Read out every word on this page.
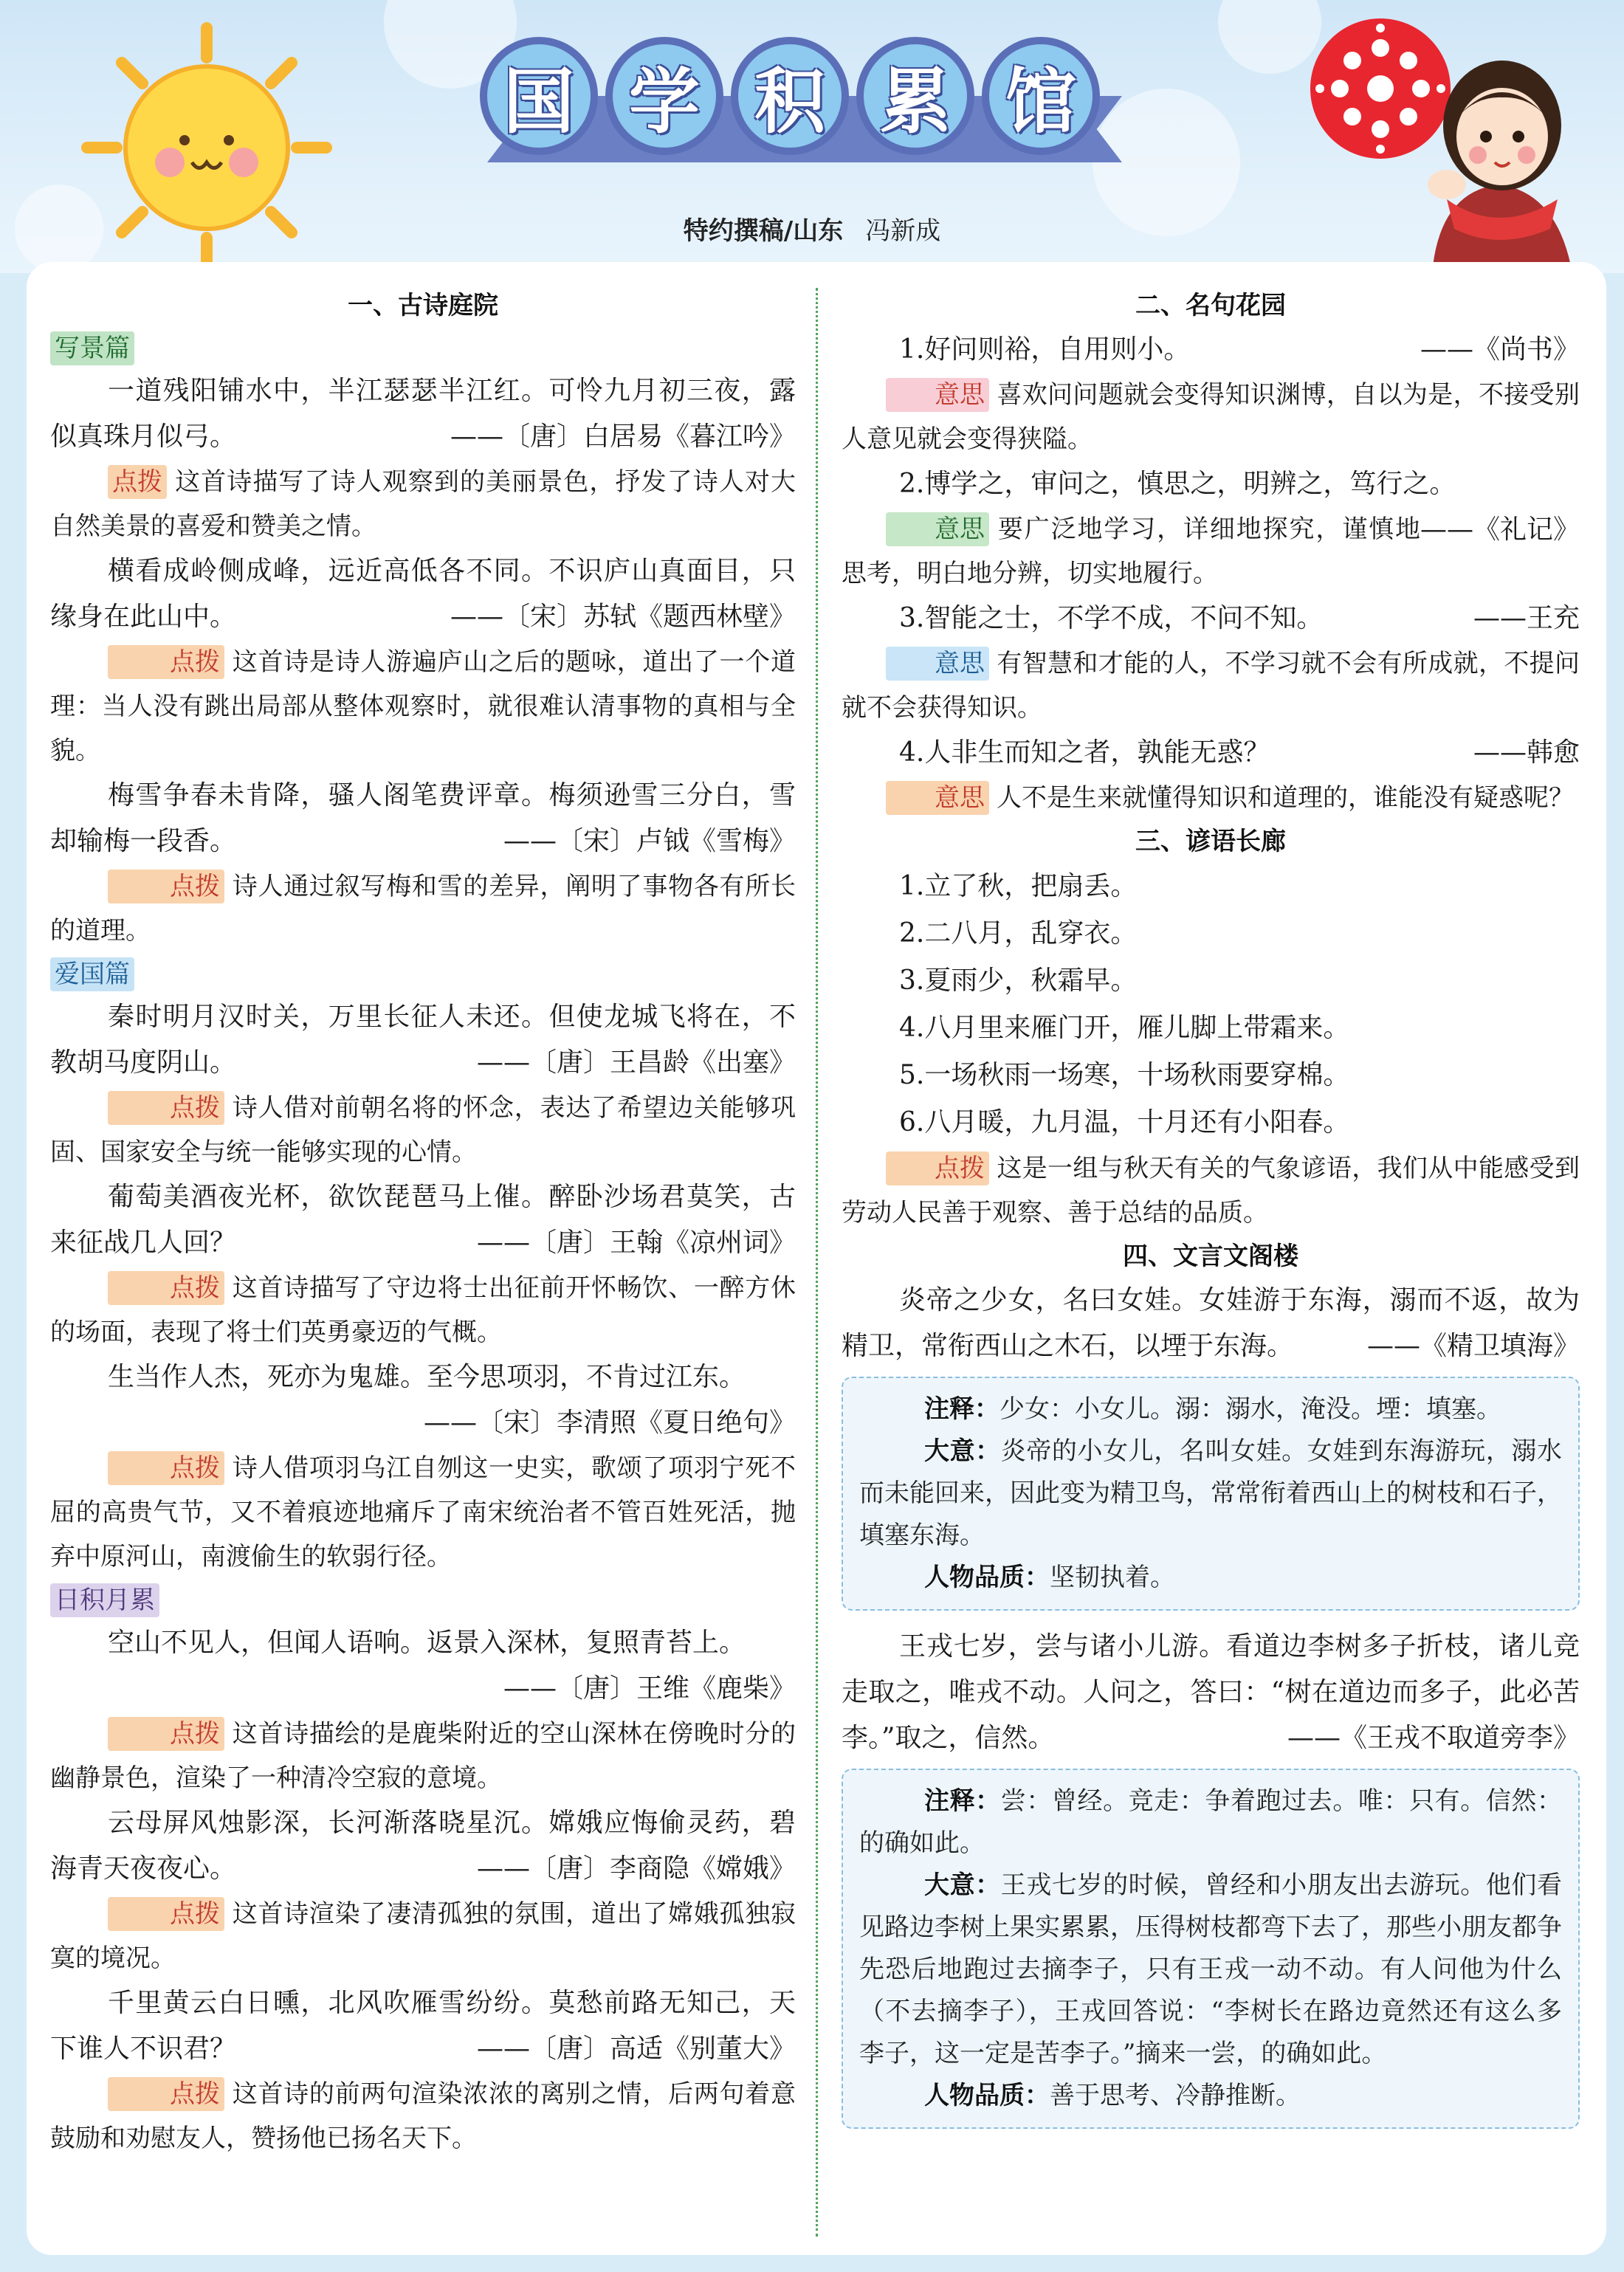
国 学 积 累 馆
特约撰稿/山东 冯新成
一、古诗庭院
写景篇
一道残阳铺水中，半江瑟瑟半江红。可怜九月初三夜，露似真珠月似弓。	——〔唐〕白居易《暮江吟》
点拨 这首诗描写了诗人观察到的美丽景色，抒发了诗人对大自然美景的喜爱和赞美之情。
横看成岭侧成峰，远近高低各不同。不识庐山真面目，只缘身在此山中。	——〔宋〕苏轼《题西林壁》
点拨 这首诗是诗人游遍庐山之后的题咏，道出了一个道理：当人没有跳出局部从整体观察时，就很难认清事物的真相与全貌。
梅雪争春未肯降，骚人阁笔费评章。梅须逊雪三分白，雪却输梅一段香。	——〔宋〕卢钺《雪梅》
点拨 诗人通过叙写梅和雪的差异，阐明了事物各有所长的道理。
爱国篇
秦时明月汉时关，万里长征人未还。但使龙城飞将在，不教胡马度阴山。	——〔唐〕王昌龄《出塞》
点拨 诗人借对前朝名将的怀念，表达了希望边关能够巩固、国家安全与统一能够实现的心情。
葡萄美酒夜光杯，欲饮琵琶马上催。醉卧沙场君莫笑，古来征战几人回？	——〔唐〕王翰《凉州词》
点拨 这首诗描写了守边将士出征前开怀畅饮、一醉方休的场面，表现了将士们英勇豪迈的气概。
生当作人杰，死亦为鬼雄。至今思项羽，不肯过江东。
——〔宋〕李清照《夏日绝句》
点拨 诗人借项羽乌江自刎这一史实，歌颂了项羽宁死不屈的高贵气节，又不着痕迹地痛斥了南宋统治者不管百姓死活，抛弃中原河山，南渡偷生的软弱行径。
日积月累
空山不见人，但闻人语响。返景入深林，复照青苔上。
——〔唐〕王维《鹿柴》
点拨 这首诗描绘的是鹿柴附近的空山深林在傍晚时分的幽静景色，渲染了一种清冷空寂的意境。
云母屏风烛影深，长河渐落晓星沉。嫦娥应悔偷灵药，碧海青天夜夜心。	——〔唐〕李商隐《嫦娥》
点拨 这首诗渲染了凄清孤独的氛围，道出了嫦娥孤独寂寞的境况。
千里黄云白日曛，北风吹雁雪纷纷。莫愁前路无知己，天下谁人不识君？	——〔唐〕高适《别董大》
点拨 这首诗的前两句渲染浓浓的离别之情，后两句着意鼓励和劝慰友人，赞扬他已扬名天下。
二、名句花园
1.好问则裕，自用则小。	——《尚书》
意思 喜欢问问题就会变得知识渊博，自以为是，不接受别人意见就会变得狭隘。
2.博学之，审问之，慎思之，明辨之，笃行之。
——《礼记》
意思 要广泛地学习，详细地探究，谨慎地思考，明白地分辨，切实地履行。
3.智能之士，不学不成，不问不知。	——王充
意思 有智慧和才能的人，不学习就不会有所成就，不提问就不会获得知识。
4.人非生而知之者，孰能无惑？	——韩愈
意思 人不是生来就懂得知识和道理的，谁能没有疑惑呢？
三、谚语长廊
1.立了秋，把扇丢。
2.二八月，乱穿衣。
3.夏雨少，秋霜早。
4.八月里来雁门开，雁儿脚上带霜来。
5.一场秋雨一场寒，十场秋雨要穿棉。
6.八月暖，九月温，十月还有小阳春。
点拨 这是一组与秋天有关的气象谚语，我们从中能感受到劳动人民善于观察、善于总结的品质。
四、文言文阁楼
炎帝之少女，名曰女娃。女娃游于东海，溺而不返，故为精卫，常衔西山之木石，以堙于东海。	——《精卫填海》

注释：少女：小女儿。溺：溺水，淹没。堙：填塞。

大意：炎帝的小女儿，名叫女娃。女娃到东海游玩，溺水而未能回来，因此变为精卫鸟，常常衔着西山上的树枝和石子，填塞东海。

人物品质：坚韧执着。

王戎七岁，尝与诸小儿游。看道边李树多子折枝，诸儿竞走取之，唯戎不动。人问之，答曰：“树在道边而多子，此必苦李。”取之，信然。	——《王戎不取道旁李》

注释：尝：曾经。竞走：争着跑过去。唯：只有。信然：的确如此。

大意：王戎七岁的时候，曾经和小朋友出去游玩。他们看见路边李树上果实累累，压得树枝都弯下去了，那些小朋友都争先恐后地跑过去摘李子，只有王戎一动不动。有人问他为什么（不去摘李子），王戎回答说：“李树长在路边竟然还有这么多李子，这一定是苦李子。”摘来一尝，的确如此。

人物品质：善于思考、冷静推断。
